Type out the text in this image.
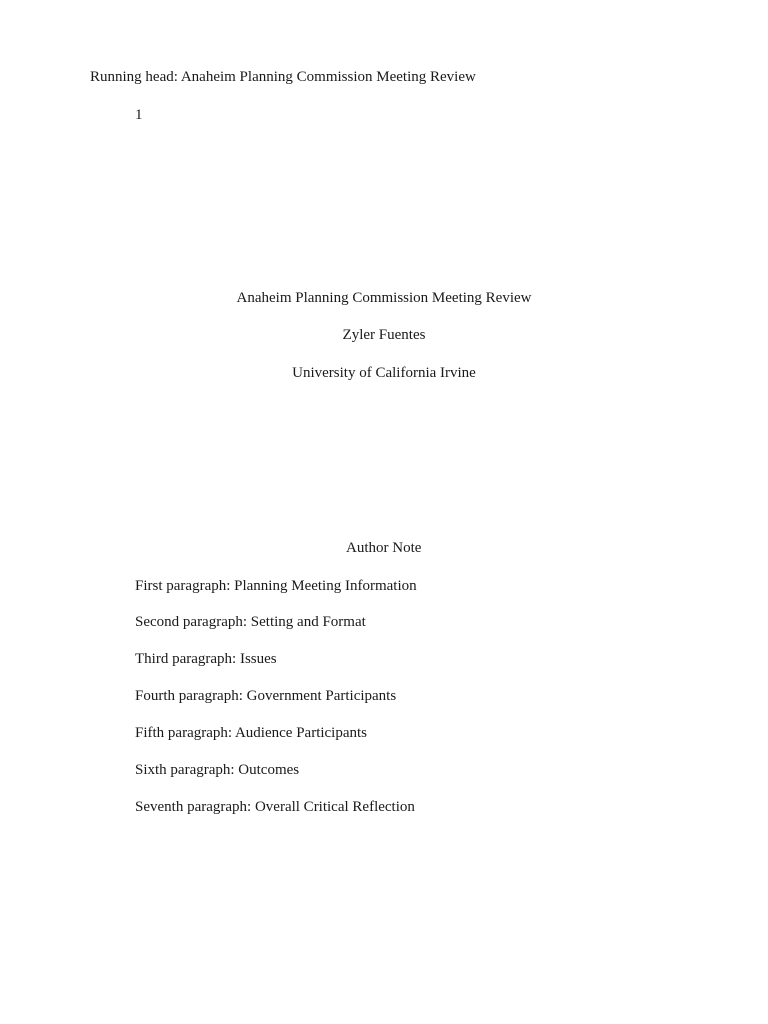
Running head: Anaheim Planning Commission Meeting Review
1
Anaheim Planning Commission Meeting Review
Zyler Fuentes
University of California Irvine
Author Note
First paragraph: Planning Meeting Information
Second paragraph: Setting and Format
Third paragraph: Issues
Fourth paragraph: Government Participants
Fifth paragraph: Audience Participants
Sixth paragraph: Outcomes
Seventh paragraph: Overall Critical Reflection
